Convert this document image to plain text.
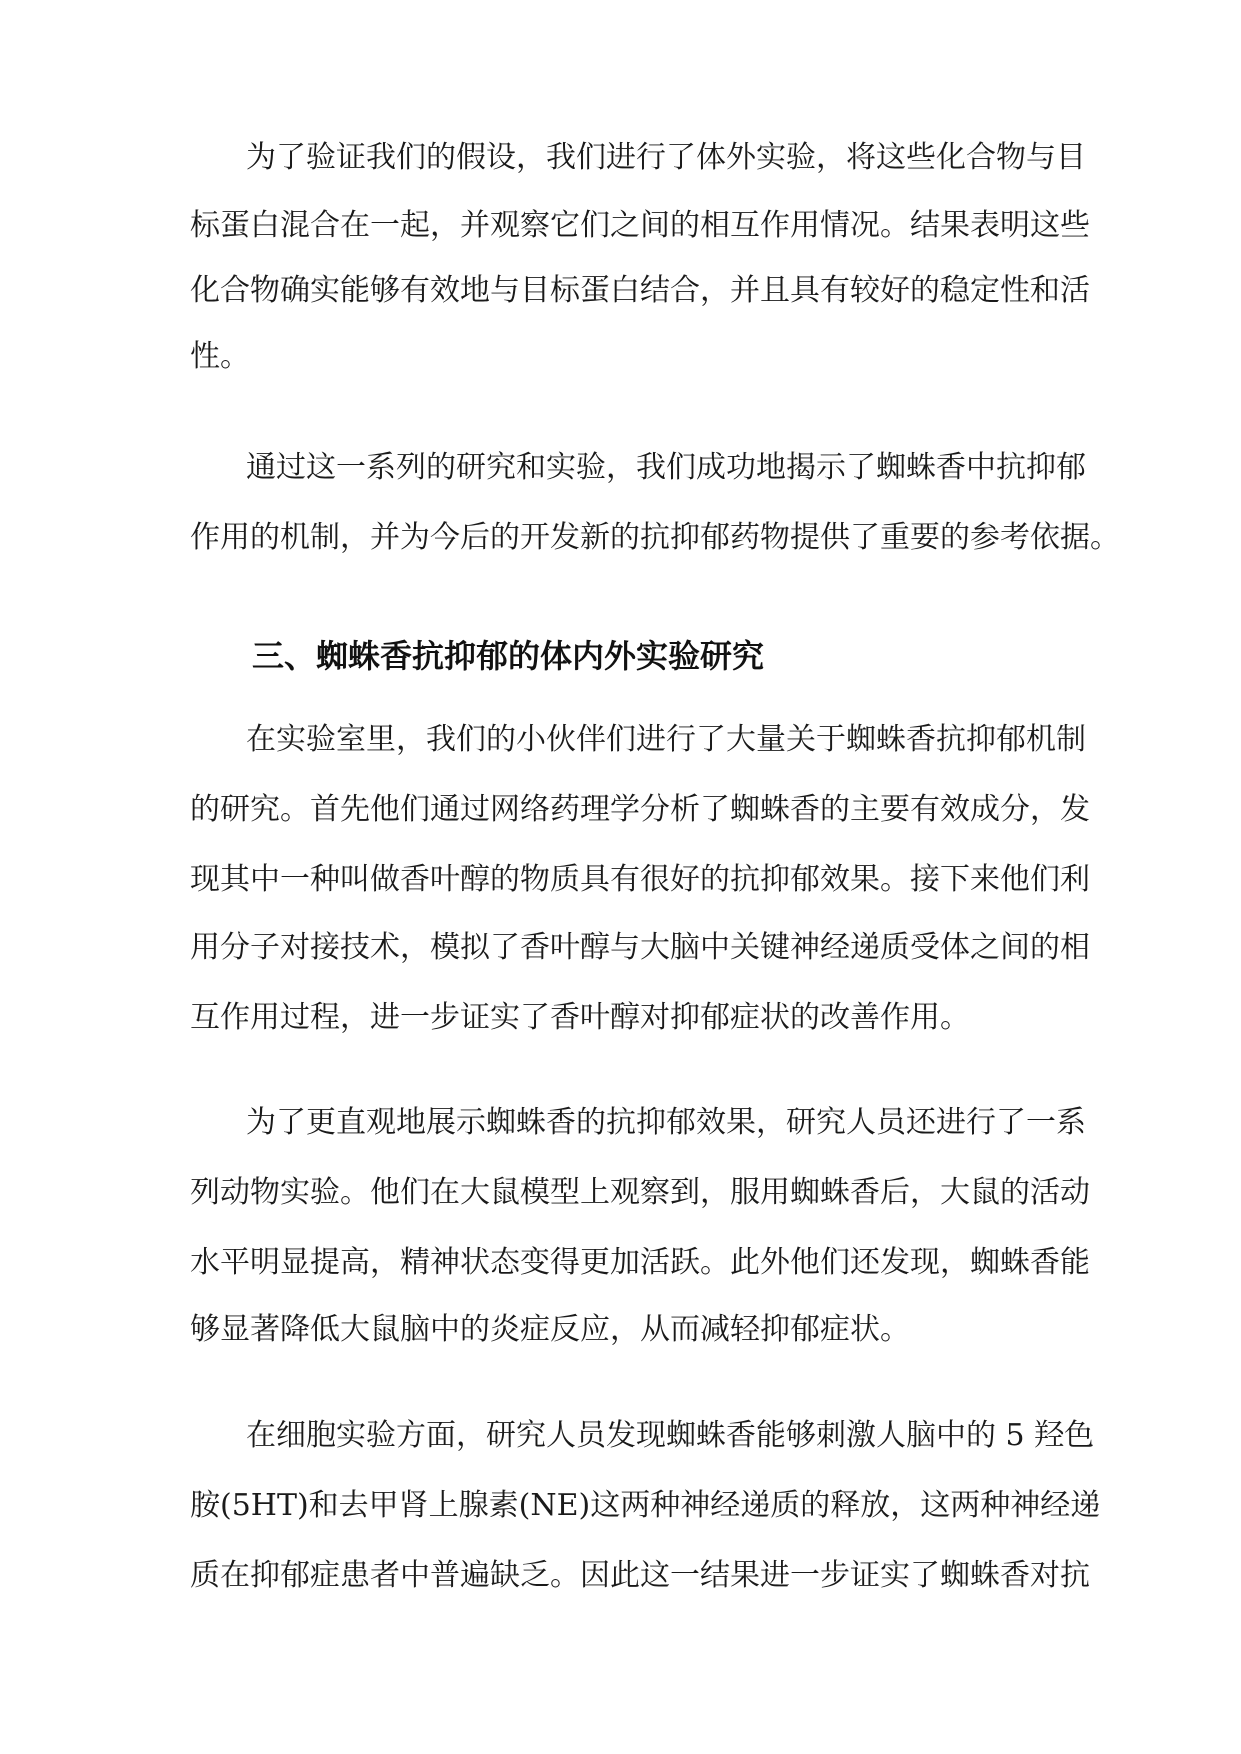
为了验证我们的假设，我们进行了体外实验，将这些化合物与目

标蛋白混合在一起，并观察它们之间的相互作用情况。结果表明这些

化合物确实能够有效地与目标蛋白结合，并且具有较好的稳定性和活

性。

通过这一系列的研究和实验，我们成功地揭示了蜘蛛香中抗抑郁

作用的机制，并为今后的开发新的抗抑郁药物提供了重要的参考依据。

三、蜘蛛香抗抑郁的体内外实验研究

在实验室里，我们的小伙伴们进行了大量关于蜘蛛香抗抑郁机制

的研究。首先他们通过网络药理学分析了蜘蛛香的主要有效成分，发

现其中一种叫做香叶醇的物质具有很好的抗抑郁效果。接下来他们利

用分子对接技术，模拟了香叶醇与大脑中关键神经递质受体之间的相

互作用过程，进一步证实了香叶醇对抑郁症状的改善作用。

为了更直观地展示蜘蛛香的抗抑郁效果，研究人员还进行了一系

列动物实验。他们在大鼠模型上观察到，服用蜘蛛香后，大鼠的活动

水平明显提高，精神状态变得更加活跃。此外他们还发现，蜘蛛香能

够显著降低大鼠脑中的炎症反应，从而减轻抑郁症状。

在细胞实验方面，研究人员发现蜘蛛香能够刺激人脑中的 5 羟色

胺(5HT)和去甲肾上腺素(NE)这两种神经递质的释放，这两种神经递

质在抑郁症患者中普遍缺乏。因此这一结果进一步证实了蜘蛛香对抗
